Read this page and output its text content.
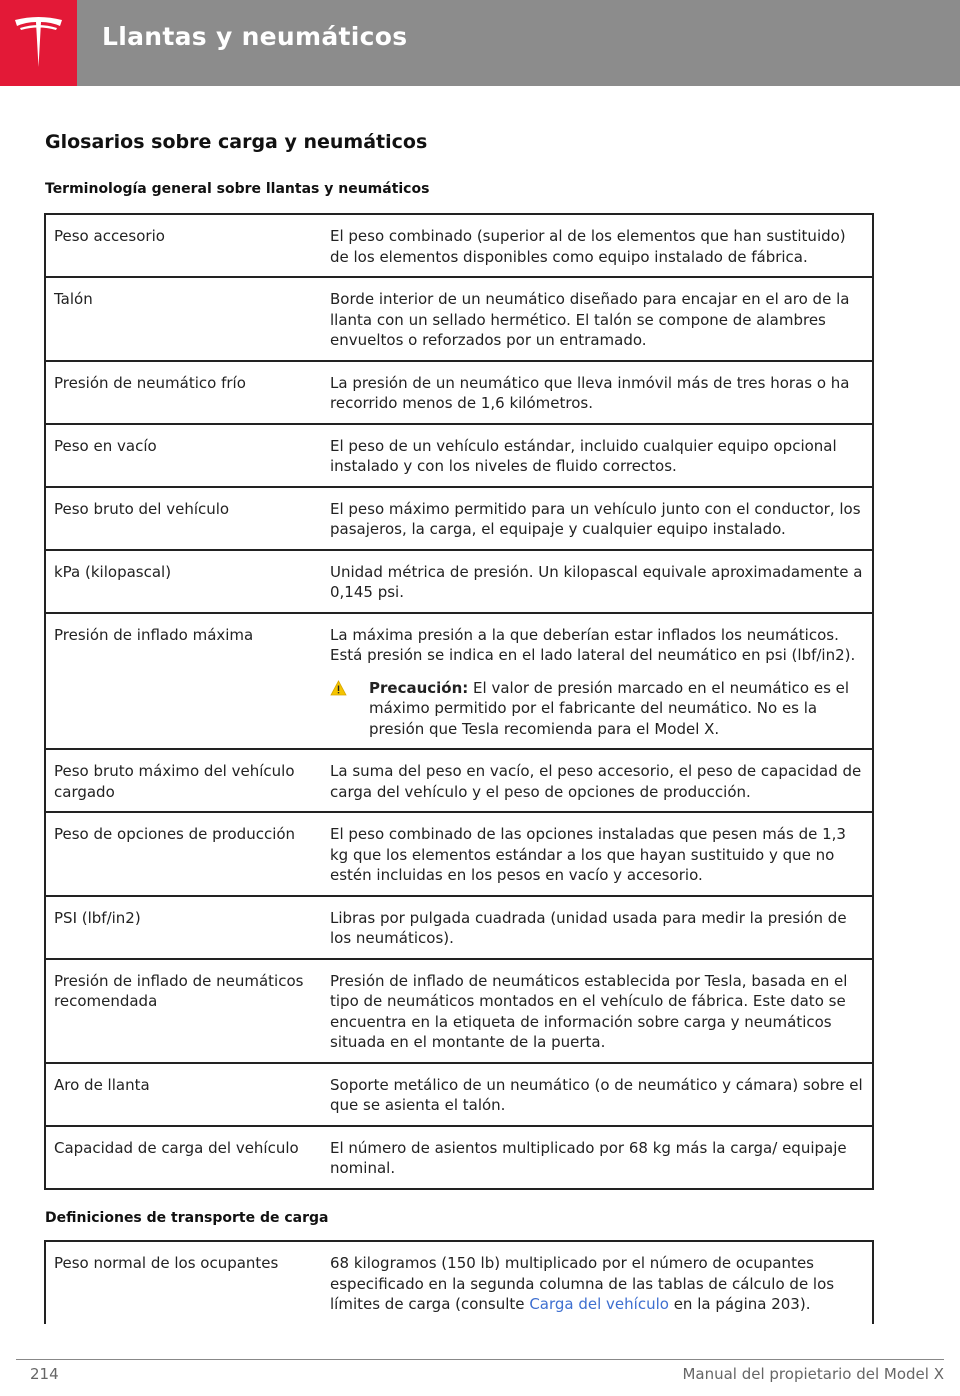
Llantas y neumáticos
Glosarios sobre carga y neumáticos
Terminología general sobre llantas y neumáticos
Peso accesorio	El peso combinado (superior al de los elementos que han sustituido) de los elementos disponibles como equipo instalado de fábrica.
Talón	Borde interior de un neumático diseñado para encajar en el aro de la llanta con un sellado hermético. El talón se compone de alambres envueltos o reforzados por un entramado.
Presión de neumático frío	La presión de un neumático que lleva inmóvil más de tres horas o ha recorrido menos de 1,6 kilómetros.
Peso en vacío	El peso de un vehículo estándar, incluido cualquier equipo opcional instalado y con los niveles de fluido correctos.
Peso bruto del vehículo	El peso máximo permitido para un vehículo junto con el conductor, los pasajeros, la carga, el equipaje y cualquier equipo instalado.
kPa (kilopascal)	Unidad métrica de presión. Un kilopascal equivale aproximadamente a 0,145 psi.
Presión de inflado máxima	La máxima presión a la que deberían estar inflados los neumáticos. Está presión se indica en el lado lateral del neumático en psi (lbf/in2).
Precaución: El valor de presión marcado en el neumático es el máximo permitido por el fabricante del neumático. No es la presión que Tesla recomienda para el Model X.

Peso bruto máximo del vehículo cargado	La suma del peso en vacío, el peso accesorio, el peso de capacidad de carga del vehículo y el peso de opciones de producción.
Peso de opciones de producción	El peso combinado de las opciones instaladas que pesen más de 1,3 kg que los elementos estándar a los que hayan sustituido y que no estén incluidas en los pesos en vacío y accesorio.
PSI (lbf/in2)	Libras por pulgada cuadrada (unidad usada para medir la presión de los neumáticos).
Presión de inflado de neumáticos recomendada	Presión de inflado de neumáticos establecida por Tesla, basada en el tipo de neumáticos montados en el vehículo de fábrica. Este dato se encuentra en la etiqueta de información sobre carga y neumáticos situada en el montante de la puerta.
Aro de llanta	Soporte metálico de un neumático (o de neumático y cámara) sobre el que se asienta el talón.
Capacidad de carga del vehículo	El número de asientos multiplicado por 68 kg más la carga/ equipaje nominal.
Definiciones de transporte de carga
Peso normal de los ocupantes	68 kilogramos (150 lb) multiplicado por el número de ocupantes especificado en la segunda columna de las tablas de cálculo de los límites de carga (consulte Carga del vehículo en la página 203).
214	Manual del propietario del Model X
